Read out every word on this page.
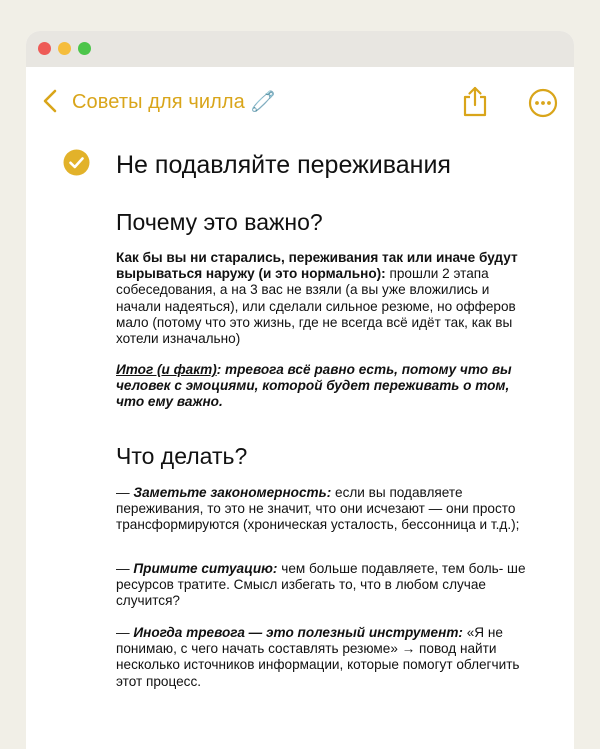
Советы для чилла 🧷
Не подавляйте переживания
Почему это важно?
Как бы вы ни старались, переживания так или иначе будут вырываться наружу (и это нормально): прошли 2 этапа собеседования, а на 3 вас не взяли (а вы уже вложились и начали надеяться), или сделали сильное резюме, но офферов мало (потому что это жизнь, где не всегда всё идёт так, как вы хотели изначально)
Итог (и факт): тревога всё равно есть, потому что вы человек с эмоциями, которой будет переживать о том, что ему важно.
Что делать?
— Заметьте закономерность: если вы подавляете переживания, то это не значит, что они исчезают — они просто трансформируются (хроническая усталость, бессонница и т.д.);
— Примите ситуацию: чем больше подавляете, тем боль- ше ресурсов тратите. Смысл избегать то, что в любом случае случится?
— Иногда тревога — это полезный инструмент: «Я не понимаю, с чего начать составлять резюме» → повод найти несколько источников информации, которые помогут облегчить этот процесс.
